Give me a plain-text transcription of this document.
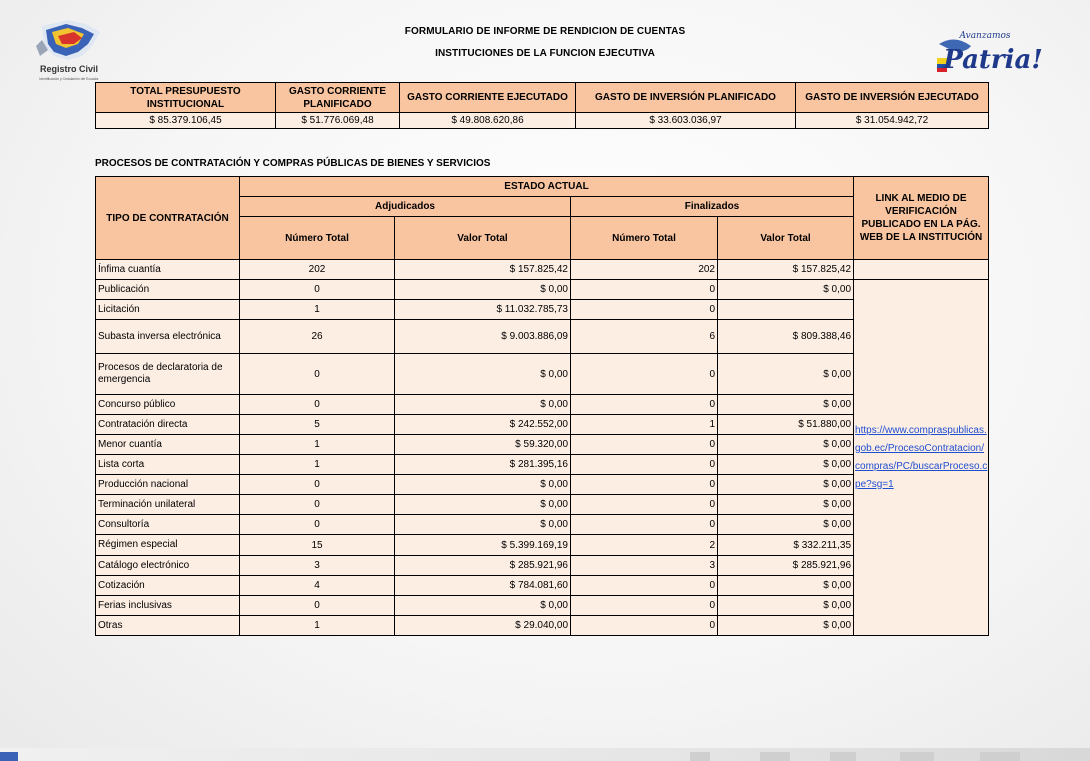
Registro Civil
Identificación y Cedulación del Ecuador
Avanzamos
Patria!
FORMULARIO DE INFORME DE RENDICION DE CUENTAS
INSTITUCIONES DE LA FUNCION EJECUTIVA
TOTAL PRESUPUESTO INSTITUCIONAL	GASTO CORRIENTE PLANIFICADO	GASTO CORRIENTE EJECUTADO	GASTO DE INVERSIÓN PLANIFICADO	GASTO DE INVERSIÓN EJECUTADO
$ 85.379.106,45	$ 51.776.069,48	$ 49.808.620,86	$ 33.603.036,97	$ 31.054.942,72
PROCESOS DE CONTRATACIÓN Y COMPRAS PÚBLICAS DE BIENES Y SERVICIOS
TIPO DE CONTRATACIÓN	ESTADO ACTUAL				LINK AL MEDIO DE VERIFICACIÓN PUBLICADO EN LA PÁG. WEB DE LA INSTITUCIÓN
	Adjudicados		Finalizados		
	Número Total	Valor Total	Número Total	Valor Total	
Ínfima cuantía	202	$ 157.825,42	202	$ 157.825,42	
Publicación	0	$ 0,00	0	$ 0,00	https://www.compraspublicas.gob.ec/ProcesoContratacion/compras/PC/buscarProceso.cpe?sg=1
Licitación	1	$ 11.032.785,73	0		
Subasta inversa electrónica	26	$ 9.003.886,09	6	$ 809.388,46	
Procesos de declaratoria de emergencia	0	$ 0,00	0	$ 0,00	
Concurso público	0	$ 0,00	0	$ 0,00	
Contratación directa	5	$ 242.552,00	1	$ 51.880,00	
Menor cuantía	1	$ 59.320,00	0	$ 0,00	
Lista corta	1	$ 281.395,16	0	$ 0,00	
Producción nacional	0	$ 0,00	0	$ 0,00	
Terminación unilateral	0	$ 0,00	0	$ 0,00	
Consultoría	0	$ 0,00	0	$ 0,00	
Régimen especial	15	$ 5.399.169,19	2	$ 332.211,35	
Catálogo electrónico	3	$ 285.921,96	3	$ 285.921,96	
Cotización	4	$ 784.081,60	0	$ 0,00	
Ferias inclusivas	0	$ 0,00	0	$ 0,00	
Otras	1	$ 29.040,00	0	$ 0,00	
